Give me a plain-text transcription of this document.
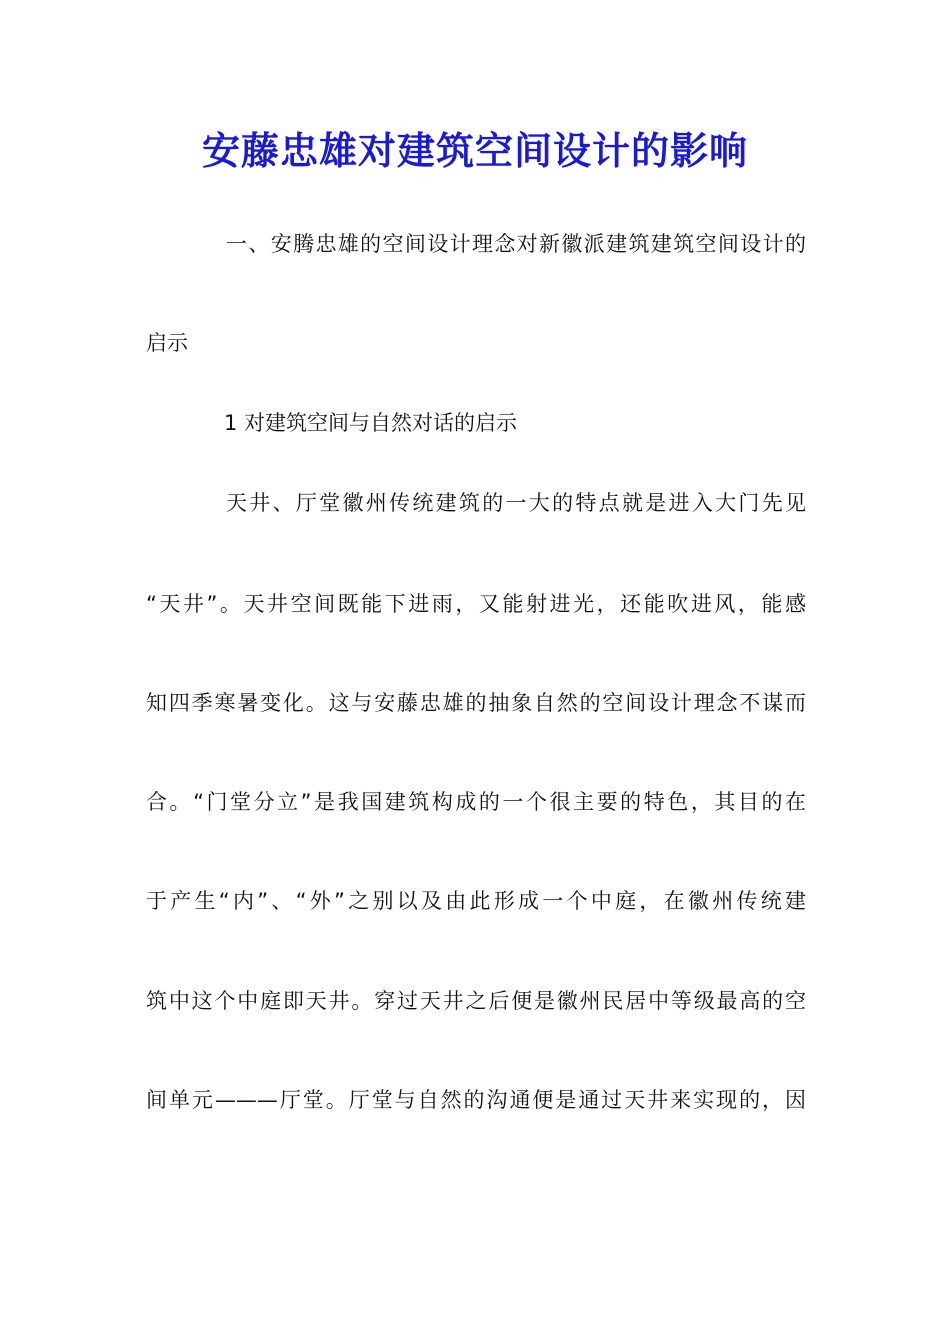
安藤忠雄对建筑空间设计的影响
一、安腾忠雄的空间设计理念对新徽派建筑建筑空间设计的
启示
1 对建筑空间与自然对话的启示
天井、厅堂徽州传统建筑的一大的特点就是进入大门先见
“天井”。天井空间既能下进雨，又能射进光，还能吹进风，能感
知四季寒暑变化。这与安藤忠雄的抽象自然的空间设计理念不谋而
合。“门堂分立”是我国建筑构成的一个很主要的特色，其目的在
于产生“内”、“外”之别以及由此形成一个中庭，在徽州传统建
筑中这个中庭即天井。穿过天井之后便是徽州民居中等级最高的空
间单元———厅堂。厅堂与自然的沟通便是通过天井来实现的，因
